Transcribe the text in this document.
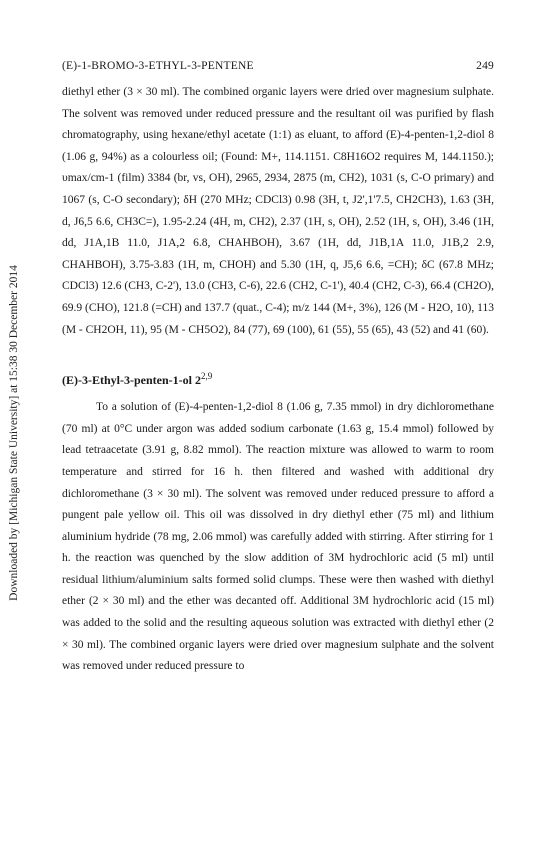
Downloaded by [Michigan State University] at 15:38 30 December 2014
(E)-1-BROMO-3-ETHYL-3-PENTENE	249

diethyl ether (3 × 30 ml). The combined organic layers were dried over magnesium sulphate. The solvent was removed under reduced pressure and the resultant oil was purified by flash chromatography, using hexane/ethyl acetate (1:1) as eluant, to afford (E)-4-penten-1,2-diol 8 (1.06 g, 94%) as a colourless oil; (Found: M+, 114.1151. C8H16O2 requires M, 144.1150.); υmax/cm-1 (film) 3384 (br, vs, OH), 2965, 2934, 2875 (m, CH2), 1031 (s, C-O primary) and 1067 (s, C-O secondary); δH (270 MHz; CDCl3) 0.98 (3H, t, J2',1'7.5, CH2CH3), 1.63 (3H, d, J6,5 6.6, CH3C=), 1.95-2.24 (4H, m, CH2), 2.37 (1H, s, OH), 2.52 (1H, s, OH), 3.46 (1H, dd, J1A,1B 11.0, J1A,2 6.8, CHAHBOH), 3.67 (1H, dd, J1B,1A 11.0, J1B,2 2.9, CHAHBOH), 3.75-3.83 (1H, m, CHOH) and 5.30 (1H, q, J5,6 6.6, =CH); δC (67.8 MHz; CDCl3) 12.6 (CH3, C-2'), 13.0 (CH3, C-6), 22.6 (CH2, C-1'), 40.4 (CH2, C-3), 66.4 (CH2O), 69.9 (CHO), 121.8 (=CH) and 137.7 (quat., C-4); m/z 144 (M+, 3%), 126 (M - H2O, 10), 113 (M - CH2OH, 11), 95 (M - CH5O2), 84 (77), 69 (100), 61 (55), 55 (65), 43 (52) and 41 (60).

(E)-3-Ethyl-3-penten-1-ol 2$^{2,9}$

To a solution of (E)-4-penten-1,2-diol 8 (1.06 g, 7.35 mmol) in dry dichloromethane (70 ml) at 0°C under argon was added sodium carbonate (1.63 g, 15.4 mmol) followed by lead tetraacetate (3.91 g, 8.82 mmol). The reaction mixture was allowed to warm to room temperature and stirred for 16 h. then filtered and washed with additional dry dichloromethane (3 × 30 ml). The solvent was removed under reduced pressure to afford a pungent pale yellow oil. This oil was dissolved in dry diethyl ether (75 ml) and lithium aluminium hydride (78 mg, 2.06 mmol) was carefully added with stirring. After stirring for 1 h. the reaction was quenched by the slow addition of 3M hydrochloric acid (5 ml) until residual lithium/aluminium salts formed solid clumps. These were then washed with diethyl ether (2 × 30 ml) and the ether was decanted off. Additional 3M hydrochloric acid (15 ml) was added to the solid and the resulting aqueous solution was extracted with diethyl ether (2 × 30 ml). The combined organic layers were dried over magnesium sulphate and the solvent was removed under reduced pressure to
